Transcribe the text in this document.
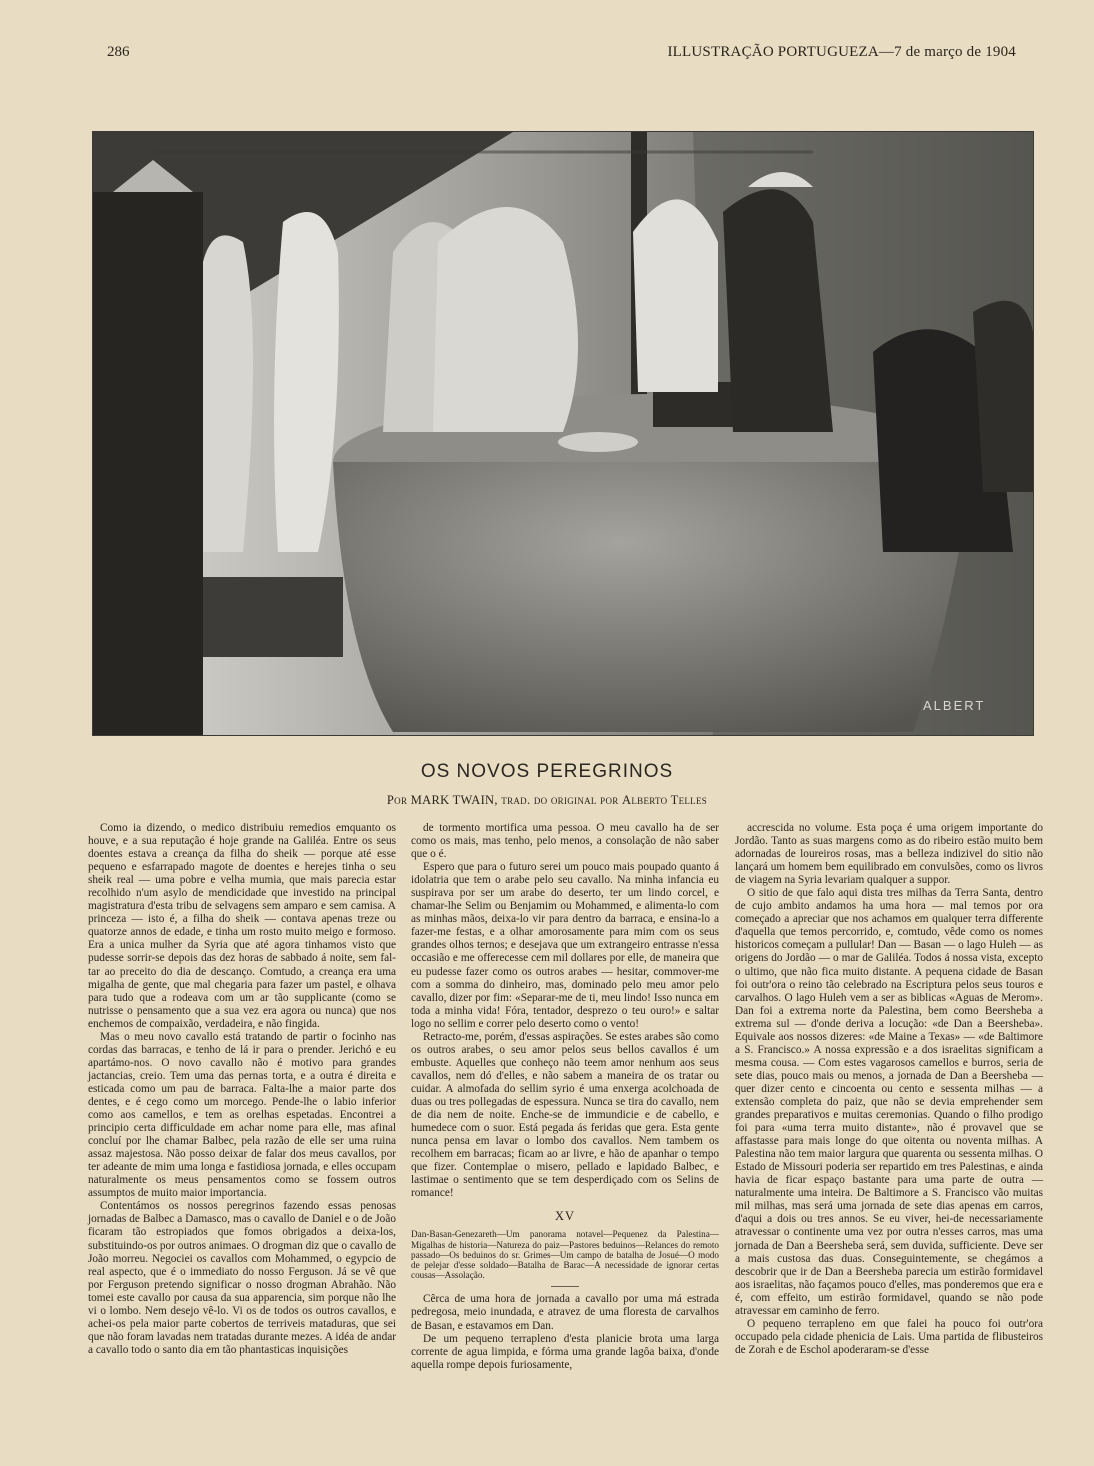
286	ILLUSTRAÇÃO PORTUGUEZA—7 de março de 1904
ALBERT
OS NOVOS PEREGRINOS
Por MARK TWAIN, trad. do original por Alberto Telles

Como ia dizendo, o medico distribuiu remedios emquanto os houve, e a sua reputação é hoje grande na Galiléa. Entre os seus doentes estava a creança da filha do sheik — porque até esse pequeno e esfarrapado magote de doentes e herejes tinha o seu sheik real — uma pobre e velha mumia, que mais parecia estar recolhido n'um asylo de mendicidade que investido na principal magistratura d'esta tribu de selvagens sem amparo e sem camisa. A princeza — isto é, a filha do sheik — contava apenas treze ou quatorze annos de edade, e tinha um rosto muito meigo e formoso. Era a unica mulher da Syria que até agora tinhamos visto que pudesse sorrir-se depois das dez horas de sabbado á noite, sem faltar ao preceito do dia de descanço. Comtudo, a creança era uma migalha de gente, que mal chegaria para fazer um pastel, e olhava para tudo que a rodeava com um ar tão supplicante (como se nutrisse o pensamento que a sua vez era agora ou nunca) que nos enchemos de compaixão, verdadeira, e não fingida.

Mas o meu novo cavallo está tratando de partir o focinho nas cordas das barracas, e tenho de lá ir para o prender. Jerichó e eu apartámo-nos. O novo cavallo não é motivo para grandes jactancias, creio. Tem uma das pernas torta, e a outra é direita e esticada como um pau de barraca. Falta-lhe a maior parte dos dentes, e é cego como um morcego. Pende-lhe o labio inferior como aos camellos, e tem as orelhas espetadas. Encontrei a principio certa difficuldade em achar nome para elle, mas afinal concluí por lhe chamar Balbec, pela razão de elle ser uma ruina assaz majestosa. Não posso deixar de falar dos meus cavallos, por ter adeante de mim uma longa e fastidiosa jornada, e elles occupam naturalmente os meus pensamentos como se fossem outros assumptos de muito maior importancia.

Contentámos os nossos peregrinos fazendo essas penosas jornadas de Balbec a Damasco, mas o cavallo de Daniel e o de João ficaram tão estropiados que fomos obrigados a deixa-los, substituindo-os por outros animaes. O drogman diz que o cavallo de João morreu. Negociei os cavallos com Mohammed, o egypcio de real aspecto, que é o immediato do nosso Ferguson. Já se vê que por Ferguson pretendo significar o nosso drogman Abrahão. Não tomei este cavallo por causa da sua apparencia, sim porque não lhe vi o lombo. Nem desejo vê-lo. Vi os de todos os outros cavallos, e achei-os pela maior parte cobertos de terriveis mataduras, que sei que não foram lavadas nem tratadas durante mezes. A idéa de andar a cavallo todo o santo dia em tão phantasticas inquisições

de tormento mortifica uma pessoa. O meu cavallo ha de ser como os mais, mas tenho, pelo menos, a consolação de não saber que o é.

Espero que para o futuro serei um pouco mais poupado quanto á idolatria que tem o arabe pelo seu cavallo. Na minha infancia eu suspirava por ser um arabe do deserto, ter um lindo corcel, e chamar-lhe Selim ou Benjamim ou Mohammed, e alimenta-lo com as minhas mãos, deixa-lo vir para dentro da barraca, e ensina-lo a fazer-me festas, e a olhar amorosamente para mim com os seus grandes olhos ternos; e desejava que um extrangeiro entrasse n'essa occasião e me offerecesse cem mil dollares por elle, de maneira que eu pudesse fazer como os outros arabes — hesitar, commover-me com a somma do dinheiro, mas, dominado pelo meu amor pelo cavallo, dizer por fim: «Separar-me de ti, meu lindo! Isso nunca em toda a minha vida! Fóra, tentador, desprezo o teu ouro!» e saltar logo no sellim e correr pelo deserto como o vento!

Retracto-me, porém, d'essas aspirações. Se estes arabes são como os outros arabes, o seu amor pelos seus bellos cavallos é um embuste. Aquelles que conheço não teem amor nenhum aos seus cavallos, nem dó d'elles, e não sabem a maneira de os tratar ou cuidar. A almofada do sellim syrio é uma enxerga acolchoada de duas ou tres pollegadas de espessura. Nunca se tira do cavallo, nem de dia nem de noite. Enche-se de immundicie e de cabello, e humedece com o suor. Está pegada ás feridas que gera. Esta gente nunca pensa em lavar o lombo dos cavallos. Nem tambem os recolhem em barracas; ficam ao ar livre, e hão de apanhar o tempo que fizer. Contemplae o misero, pellado e lapidado Balbec, e lastimae o sentimento que se tem desperdiçado com os Selins de romance!

XV

Dan-Basan-Genezareth—Um panorama notavel—Pequenez da Palestina—Migalhas de historia—Natureza do paiz—Pastores beduinos—Relances do remoto passado—Os beduinos do sr. Grimes—Um campo de batalha de Josué—O modo de pelejar d'esse soldado—Batalha de Barac—A necessidade de ignorar certas cousas—Assolação.

Cêrca de uma hora de jornada a cavallo por uma má estrada pedregosa, meio inundada, e atravez de uma floresta de carvalhos de Basan, e estavamos em Dan.

De um pequeno terrapleno d'esta planicie brota uma larga corrente de agua limpida, e fórma uma grande lagôa baixa, d'onde aquella rompe depois furiosamente,

accrescida no volume. Esta poça é uma origem importante do Jordão. Tanto as suas margens como as do ribeiro estão muito bem adornadas de loureiros rosas, mas a belleza indizivel do sitio não lançará um homem bem equilibrado em convulsões, como os livros de viagem na Syria levariam qualquer a suppor.

O sitio de que falo aqui dista tres milhas da Terra Santa, dentro de cujo ambito andamos ha uma hora — mal temos por ora começado a apreciar que nos achamos em qualquer terra differente d'aquella que temos percorrido, e, comtudo, vêde como os nomes historicos começam a pullular! Dan — Basan — o lago Huleh — as origens do Jordão — o mar de Galiléa. Todos á nossa vista, excepto o ultimo, que não fica muito distante. A pequena cidade de Basan foi outr'ora o reino tão celebrado na Escriptura pelos seus touros e carvalhos. O lago Huleh vem a ser as biblicas «Aguas de Merom». Dan foi a extrema norte da Palestina, bem como Beersheba a extrema sul — d'onde deriva a locução: «de Dan a Beersheba». Equivale aos nossos dizeres: «de Maine a Texas» — «de Baltimore a S. Francisco.» A nossa expressão e a dos israelitas significam a mesma cousa. — Com estes vagarosos camellos e burros, seria de sete dias, pouco mais ou menos, a jornada de Dan a Beersheba — quer dizer cento e cincoenta ou cento e sessenta milhas — a extensão completa do paiz, que não se devia emprehender sem grandes preparativos e muitas ceremonias. Quando o filho prodigo foi para «uma terra muito distante», não é provavel que se affastasse para mais longe do que oitenta ou noventa milhas. A Palestina não tem maior largura que quarenta ou sessenta milhas. O Estado de Missouri poderia ser repartido em tres Palestinas, e ainda havia de ficar espaço bastante para uma parte de outra — naturalmente uma inteira. De Baltimore a S. Francisco vão muitas mil milhas, mas será uma jornada de sete dias apenas em carros, d'aqui a dois ou tres annos. Se eu viver, hei-de necessariamente atravessar o continente uma vez por outra n'esses carros, mas uma jornada de Dan a Beersheba será, sem duvida, sufficiente. Deve ser a mais custosa das duas. Conseguintemente, se chegámos a descobrir que ir de Dan a Beersheba parecia um estirão formidavel aos israelitas, não façamos pouco d'elles, mas ponderemos que era e é, com effeito, um estirão formidavel, quando se não pode atravessar em caminho de ferro.

O pequeno terrapleno em que falei ha pouco foi outr'ora occupado pela cidade phenicia de Lais. Uma partida de flibusteiros de Zorah e de Eschol apoderaram-se d'esse
